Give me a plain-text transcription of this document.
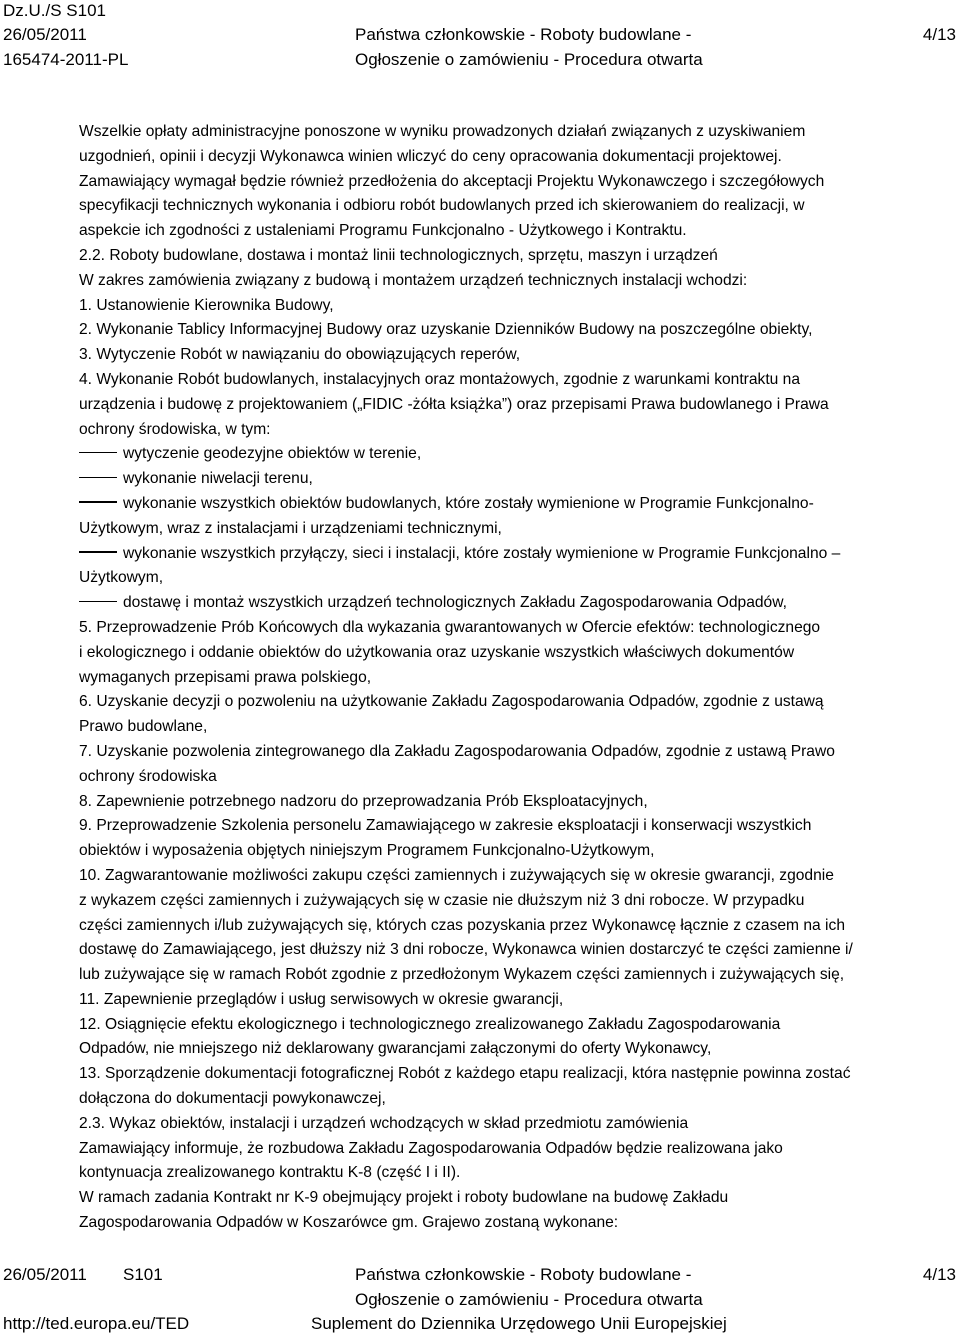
Dz.U./S S101
26/05/2011
165474-2011-PL
Państwa członkowskie - Roboty budowlane -
Ogłoszenie o zamówieniu - Procedura otwarta
4/13

Wszelkie opłaty administracyjne ponoszone w wyniku prowadzonych działań związanych z uzyskiwaniem

uzgodnień, opinii i decyzji Wykonawca winien wliczyć do ceny opracowania dokumentacji projektowej.

Zamawiający wymagał będzie również przedłożenia do akceptacji Projektu Wykonawczego i szczegółowych

specyfikacji technicznych wykonania i odbioru robót budowlanych przed ich skierowaniem do realizacji, w

aspekcie ich zgodności z ustaleniami Programu Funkcjonalno - Użytkowego i Kontraktu.

2.2. Roboty budowlane, dostawa i montaż linii technologicznych, sprzętu, maszyn i urządzeń

W zakres zamówienia związany z budową i montażem urządzeń technicznych instalacji wchodzi:

1. Ustanowienie Kierownika Budowy,

2. Wykonanie Tablicy Informacyjnej Budowy oraz uzyskanie Dzienników Budowy na poszczególne obiekty,

3. Wytyczenie Robót w nawiązaniu do obowiązujących reperów,

4. Wykonanie Robót budowlanych, instalacyjnych oraz montażowych, zgodnie z warunkami kontraktu na

urządzenia i budowę z projektowaniem („FIDIC -żółta książka”) oraz przepisami Prawa budowlanego i Prawa

ochrony środowiska, w tym:

wytyczenie geodezyjne obiektów w terenie,

wykonanie niwelacji terenu,

wykonanie wszystkich obiektów budowlanych, które zostały wymienione w Programie Funkcjonalno-

Użytkowym, wraz z instalacjami i urządzeniami technicznymi,

wykonanie wszystkich przyłączy, sieci i instalacji, które zostały wymienione w Programie Funkcjonalno –

Użytkowym,

dostawę i montaż wszystkich urządzeń technologicznych Zakładu Zagospodarowania Odpadów,

5. Przeprowadzenie Prób Końcowych dla wykazania gwarantowanych w Ofercie efektów: technologicznego

i ekologicznego i oddanie obiektów do użytkowania oraz uzyskanie wszystkich właściwych dokumentów

wymaganych przepisami prawa polskiego,

6. Uzyskanie decyzji o pozwoleniu na użytkowanie Zakładu Zagospodarowania Odpadów, zgodnie z ustawą

Prawo budowlane,

7. Uzyskanie pozwolenia zintegrowanego dla Zakładu Zagospodarowania Odpadów, zgodnie z ustawą Prawo

ochrony środowiska

8. Zapewnienie potrzebnego nadzoru do przeprowadzania Prób Eksploatacyjnych,

9. Przeprowadzenie Szkolenia personelu Zamawiającego w zakresie eksploatacji i konserwacji wszystkich

obiektów i wyposażenia objętych niniejszym Programem Funkcjonalno-Użytkowym,

10. Zagwarantowanie możliwości zakupu części zamiennych i zużywających się w okresie gwarancji, zgodnie

z wykazem części zamiennych i zużywających się w czasie nie dłuższym niż 3 dni robocze. W przypadku

części zamiennych i/lub zużywających się, których czas pozyskania przez Wykonawcę łącznie z czasem na ich

dostawę do Zamawiającego, jest dłuższy niż 3 dni robocze, Wykonawca winien dostarczyć te części zamienne i/

lub zużywające się w ramach Robót zgodnie z przedłożonym Wykazem części zamiennych i zużywających się,

11. Zapewnienie przeglądów i usług serwisowych w okresie gwarancji,

12. Osiągnięcie efektu ekologicznego i technologicznego zrealizowanego Zakładu Zagospodarowania

Odpadów, nie mniejszego niż deklarowany gwarancjami załączonymi do oferty Wykonawcy,

13. Sporządzenie dokumentacji fotograficznej Robót z każdego etapu realizacji, która następnie powinna zostać

dołączona do dokumentacji powykonawczej,

2.3. Wykaz obiektów, instalacji i urządzeń wchodzących w skład przedmiotu zamówienia

Zamawiający informuje, że rozbudowa Zakładu Zagospodarowania Odpadów będzie realizowana jako

kontynuacja zrealizowanego kontraktu K-8 (część I i II).

W ramach zadania Kontrakt nr K-9 obejmujący projekt i roboty budowlane na budowę Zakładu

Zagospodarowania Odpadów w Koszarówce gm. Grajewo zostaną wykonane:

26/05/2011 S101
http://ted.europa.eu/TED
Państwa członkowskie - Roboty budowlane -
Ogłoszenie o zamówieniu - Procedura otwarta
Suplement do Dziennika Urzędowego Unii Europejskiej
4/13
